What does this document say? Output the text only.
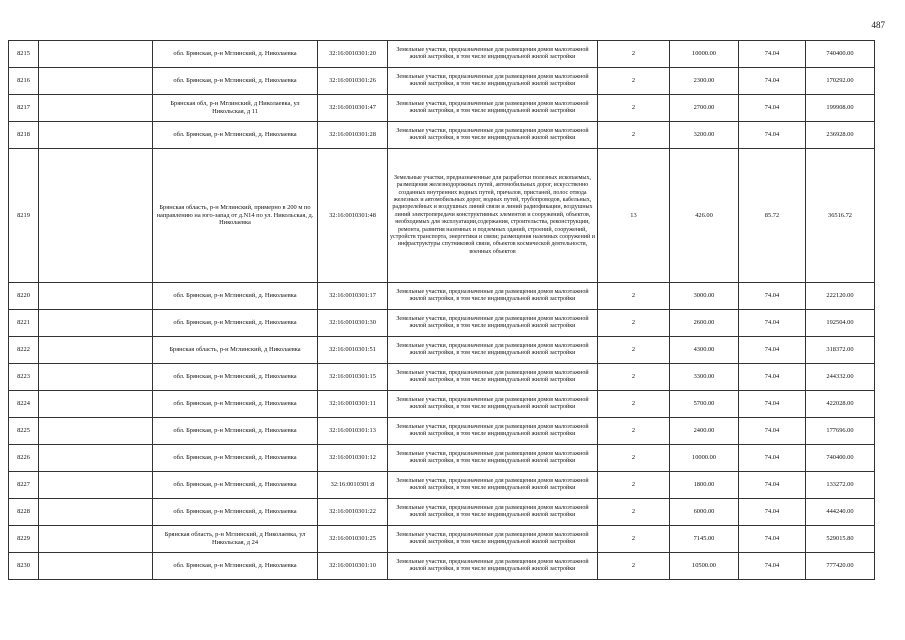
487
8215		обл. Брянская, р-н Мглинский, д. Николаевка	32:16:0010301:20	Земельные участки, предназначенные для размещения домов малоэтажной жилой застройки, в том числе индивидуальной жилой застройки	2	10000.00	74.04	740400.00
8216		обл. Брянская, р-н Мглинский, д. Николаевка	32:16:0010301:26	Земельные участки, предназначенные для размещения домов малоэтажной жилой застройки, в том числе индивидуальной жилой застройки	2	2300.00	74.04	170292.00
8217		Брянская обл, р-н Мглинский, д Николаевка, ул Никольская, д 11	32:16:0010301:47	Земельные участки, предназначенные для размещения домов малоэтажной жилой застройки, в том числе индивидуальной жилой застройки	2	2700.00	74.04	199908.00
8218		обл. Брянская, р-н Мглинский, д. Николаевка	32:16:0010301:28	Земельные участки, предназначенные для размещения домов малоэтажной жилой застройки, в том числе индивидуальной жилой застройки	2	3200.00	74.04	236928.00
8219		Брянская область, р-н Мглинский, примерно в 200 м по направлению на юго-запад от д.N14 по ул. Никольская, д. Николаевка	32:16:0010301:48	Земельные участки, предназначенные для разработки полезных ископаемых, размещения железнодорожных путей, автомобильных дорог, искусственно созданных внутренних водных путей, причалов, пристаней, полос отвода железных и автомобильных дорог, водных путей, трубопроводов, кабельных, радиорелейных и воздушных линий связи и линий радиофикации, воздушных линий электропередачи конструктивных элементов и сооружений, объектов, необходимых для эксплуатации,содержания, строительства, реконструкции, ремонта, развития наземных и подземных зданий, строений, сооружений, устройств транспорта, энергетики и связи; размещения наземных сооружений и инфраструктуры спутниковой связи, объектов космической деятельности, военных объектов	13	426.00	85.72	36516.72
8220		обл. Брянская, р-н Мглинский, д. Николаевка	32:16:0010301:17	Земельные участки, предназначенные для размещения домов малоэтажной жилой застройки, в том числе индивидуальной жилой застройки	2	3000.00	74.04	222120.00
8221		обл. Брянская, р-н Мглинский, д. Николаевка	32:16:0010301:30	Земельные участки, предназначенные для размещения домов малоэтажной жилой застройки, в том числе индивидуальной жилой застройки	2	2600.00	74.04	192504.00
8222		Брянская область, р-н Мглинский, д Николаевка	32:16:0010301:51	Земельные участки, предназначенные для размещения домов малоэтажной жилой застройки, в том числе индивидуальной жилой застройки	2	4300.00	74.04	318372.00
8223		обл. Брянская, р-н Мглинский, д. Николаевка	32:16:0010301:15	Земельные участки, предназначенные для размещения домов малоэтажной жилой застройки, в том числе индивидуальной жилой застройки	2	3300.00	74.04	244332.00
8224		обл. Брянская, р-н Мглинский, д. Николаевка	32:16:0010301:11	Земельные участки, предназначенные для размещения домов малоэтажной жилой застройки, в том числе индивидуальной жилой застройки	2	5700.00	74.04	422028.00
8225		обл. Брянская, р-н Мглинский, д. Николаевка	32:16:0010301:13	Земельные участки, предназначенные для размещения домов малоэтажной жилой застройки, в том числе индивидуальной жилой застройки	2	2400.00	74.04	177696.00
8226		обл. Брянская, р-н Мглинский, д. Николаевка	32:16:0010301:12	Земельные участки, предназначенные для размещения домов малоэтажной жилой застройки, в том числе индивидуальной жилой застройки	2	10000.00	74.04	740400.00
8227		обл. Брянская, р-н Мглинский, д. Николаевка	32:16:0010301:8	Земельные участки, предназначенные для размещения домов малоэтажной жилой застройки, в том числе индивидуальной жилой застройки	2	1800.00	74.04	133272.00
8228		обл. Брянская, р-н Мглинский, д. Николаевка	32:16:0010301:22	Земельные участки, предназначенные для размещения домов малоэтажной жилой застройки, в том числе индивидуальной жилой застройки	2	6000.00	74.04	444240.00
8229		Брянская область, р-н Мглинский, д Николаевка, ул Никольская, д 24	32:16:0010301:25	Земельные участки, предназначенные для размещения домов малоэтажной жилой застройки, в том числе индивидуальной жилой застройки	2	7145.00	74.04	529015.80
8230		обл. Брянская, р-н Мглинский, д. Николаевка	32:16:0010301:10	Земельные участки, предназначенные для размещения домов малоэтажной жилой застройки, в том числе индивидуальной жилой застройки	2	10500.00	74.04	777420.00
